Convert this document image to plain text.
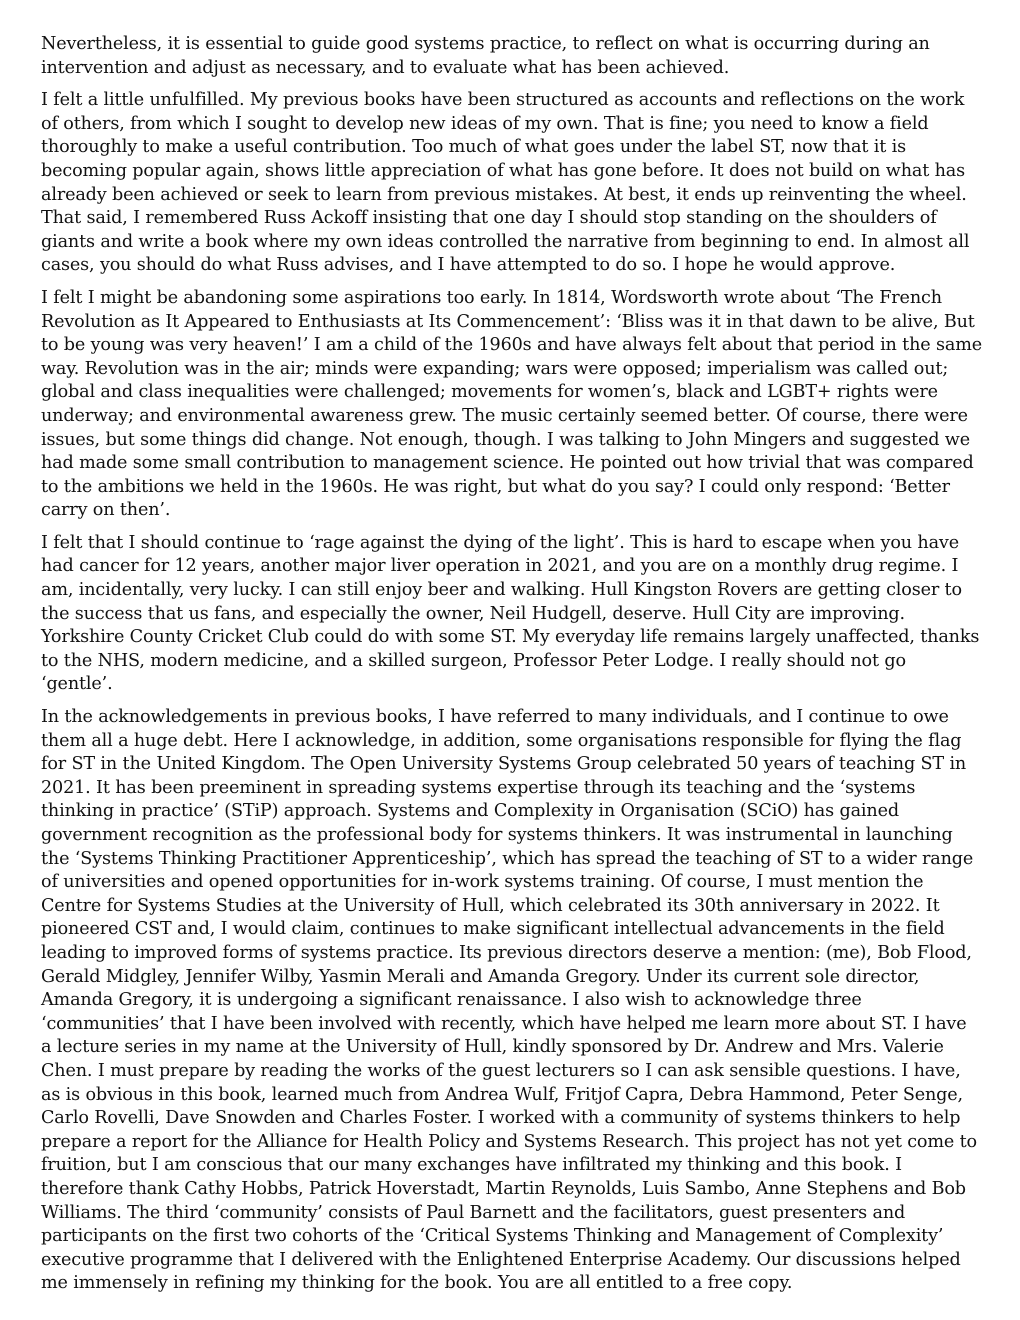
Nevertheless, it is essential to guide good systems practice, to reflect on what is occurring during an intervention and adjust as necessary, and to evaluate what has been achieved.

I felt a little unfulfilled. My previous books have been structured as accounts and reflections on the work of others, from which I sought to develop new ideas of my own. That is fine; you need to know a field thoroughly to make a useful contribution. Too much of what goes under the label ST, now that it is becoming popular again, shows little appreciation of what has gone before. It does not build on what has already been achieved or seek to learn from previous mistakes. At best, it ends up reinventing the wheel. That said, I remembered Russ Ackoff insisting that one day I should stop standing on the shoulders of giants and write a book where my own ideas controlled the narrative from beginning to end. In almost all cases, you should do what Russ advises, and I have attempted to do so. I hope he would approve.

I felt I might be abandoning some aspirations too early. In 1814, Wordsworth wrote about ‘The French Revolution as It Appeared to Enthusiasts at Its Commencement’: ‘Bliss was it in that dawn to be alive, But to be young was very heaven!’ I am a child of the 1960s and have always felt about that period in the same way. Revolution was in the air; minds were expanding; wars were opposed; imperialism was called out; global and class inequalities were challenged; movements for women’s, black and LGBT+ rights were underway; and environmental awareness grew. The music certainly seemed better. Of course, there were issues, but some things did change. Not enough, though. I was talking to John Mingers and suggested we had made some small contribution to management science. He pointed out how trivial that was compared to the ambitions we held in the 1960s. He was right, but what do you say? I could only respond: ‘Better carry on then’.

I felt that I should continue to ‘rage against the dying of the light’. This is hard to escape when you have had cancer for 12 years, another major liver operation in 2021, and you are on a monthly drug regime. I am, incidentally, very lucky. I can still enjoy beer and walking. Hull Kingston Rovers are getting closer to the success that us fans, and especially the owner, Neil Hudgell, deserve. Hull City are improving. Yorkshire County Cricket Club could do with some ST. My everyday life remains largely unaffected, thanks to the NHS, modern medicine, and a skilled surgeon, Professor Peter Lodge. I really should not go ‘gentle’.

In the acknowledgements in previous books, I have referred to many individuals, and I continue to owe them all a huge debt. Here I acknowledge, in addition, some organisations responsible for flying the flag for ST in the United Kingdom. The Open University Systems Group celebrated 50 years of teaching ST in 2021. It has been preeminent in spreading systems expertise through its teaching and the ‘systems thinking in practice’ (STiP) approach. Systems and Complexity in Organisation (SCiO) has gained government recognition as the professional body for systems thinkers. It was instrumental in launching the ‘Systems Thinking Practitioner Apprenticeship’, which has spread the teaching of ST to a wider range of universities and opened opportunities for in-work systems training. Of course, I must mention the Centre for Systems Studies at the University of Hull, which celebrated its 30th anniversary in 2022. It pioneered CST and, I would claim, continues to make significant intellectual advancements in the field leading to improved forms of systems practice. Its previous directors deserve a mention: (me), Bob Flood, Gerald Midgley, Jennifer Wilby, Yasmin Merali and Amanda Gregory. Under its current sole director, Amanda Gregory, it is undergoing a significant renaissance. I also wish to acknowledge three ‘communities’ that I have been involved with recently, which have helped me learn more about ST. I have a lecture series in my name at the University of Hull, kindly sponsored by Dr. Andrew and Mrs. Valerie Chen. I must prepare by reading the works of the guest lecturers so I can ask sensible questions. I have, as is obvious in this book, learned much from Andrea Wulf, Fritjof Capra, Debra Hammond, Peter Senge, Carlo Rovelli, Dave Snowden and Charles Foster. I worked with a community of systems thinkers to help prepare a report for the Alliance for Health Policy and Systems Research. This project has not yet come to fruition, but I am conscious that our many exchanges have infiltrated my thinking and this book. I therefore thank Cathy Hobbs, Patrick Hoverstadt, Martin Reynolds, Luis Sambo, Anne Stephens and Bob Williams. The third ‘community’ consists of Paul Barnett and the facilitators, guest presenters and participants on the first two cohorts of the ‘Critical Systems Thinking and Management of Complexity’ executive programme that I delivered with the Enlightened Enterprise Academy. Our discussions helped me immensely in refining my thinking for the book. You are all entitled to a free copy.
